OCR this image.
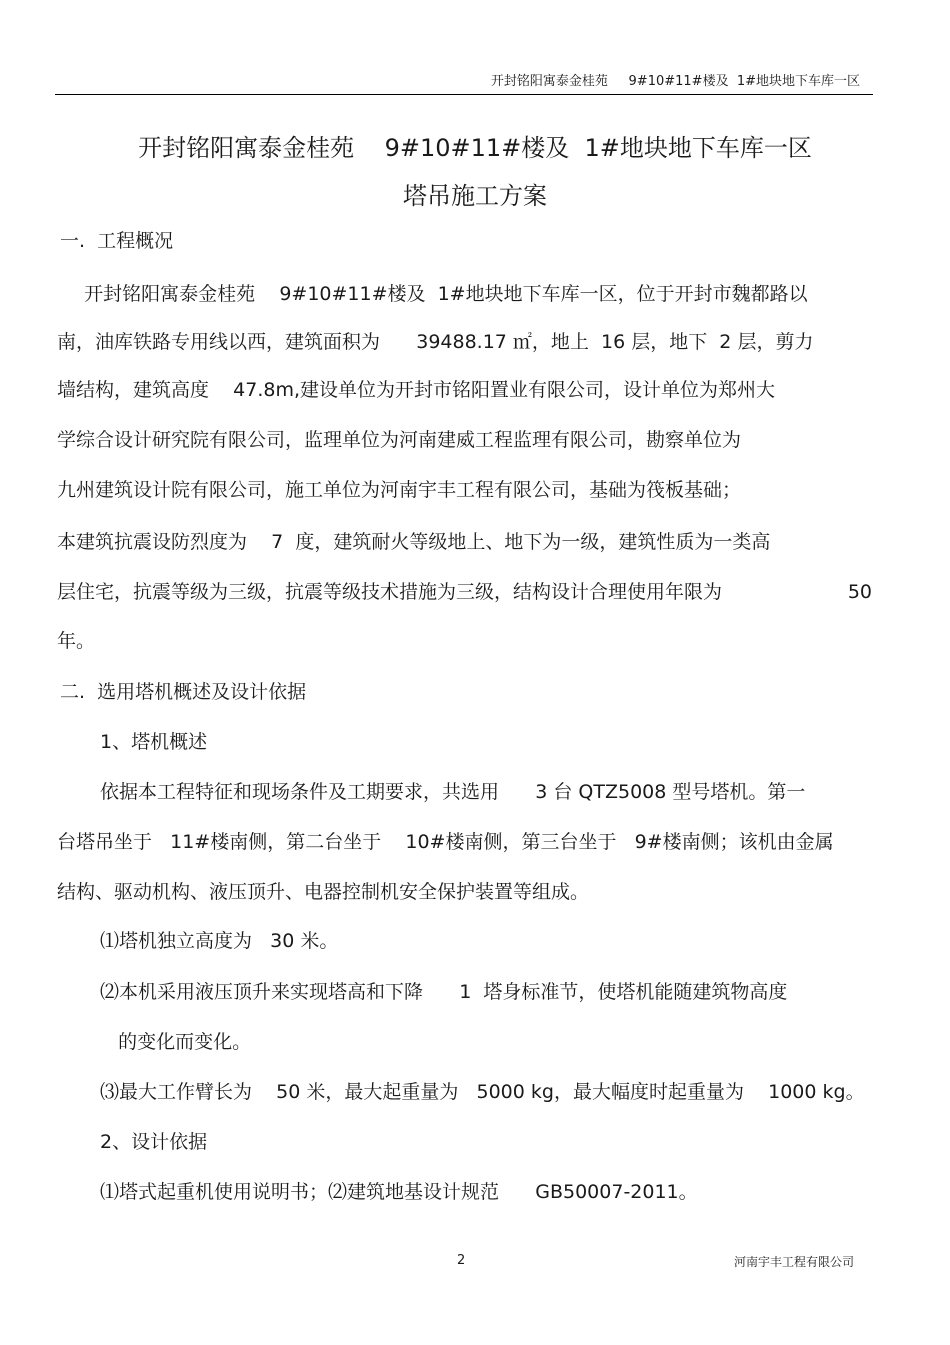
开封铭阳寓泰金桂苑     9#10#11#楼及  1#地块地下车库一区
开封铭阳寓泰金桂苑    9#10#11#楼及  1#地块地下车库一区
塔吊施工方案
一.  工程概况
开封铭阳寓泰金桂苑    9#10#11#楼及  1#地块地下车库一区，位于开封市魏都路以
南，油库铁路专用线以西，建筑面积为      39488.17 ㎡，地上  16 层，地下  2 层，剪力
墙结构，建筑高度    47.8m,建设单位为开封市铭阳置业有限公司，设计单位为郑州大
学综合设计研究院有限公司，监理单位为河南建威工程监理有限公司，勘察单位为
九州建筑设计院有限公司，施工单位为河南宇丰工程有限公司，基础为筏板基础；
本建筑抗震设防烈度为    7  度，建筑耐火等级地上、地下为一级，建筑性质为一类高
层住宅，抗震等级为三级，抗震等级技术措施为三级，结构设计合理使用年限为	50
年。
二.  选用塔机概述及设计依据
1、塔机概述
依据本工程特征和现场条件及工期要求，共选用      3 台 QTZ5008 型号塔机。第一
台塔吊坐于   11#楼南侧，第二台坐于    10#楼南侧，第三台坐于   9#楼南侧；该机由金属
结构、驱动机构、液压顶升、电器控制机安全保护装置等组成。
⑴塔机独立高度为   30 米。
⑵本机采用液压顶升来实现塔高和下降      1  塔身标准节，使塔机能随建筑物高度
的变化而变化。
⑶最大工作臂长为    50 米，最大起重量为   5000 kg，最大幅度时起重量为    1000 kg。
2、设计依据
⑴塔式起重机使用说明书；⑵建筑地基设计规范      GB50007-2011。
2	河南宇丰工程有限公司
